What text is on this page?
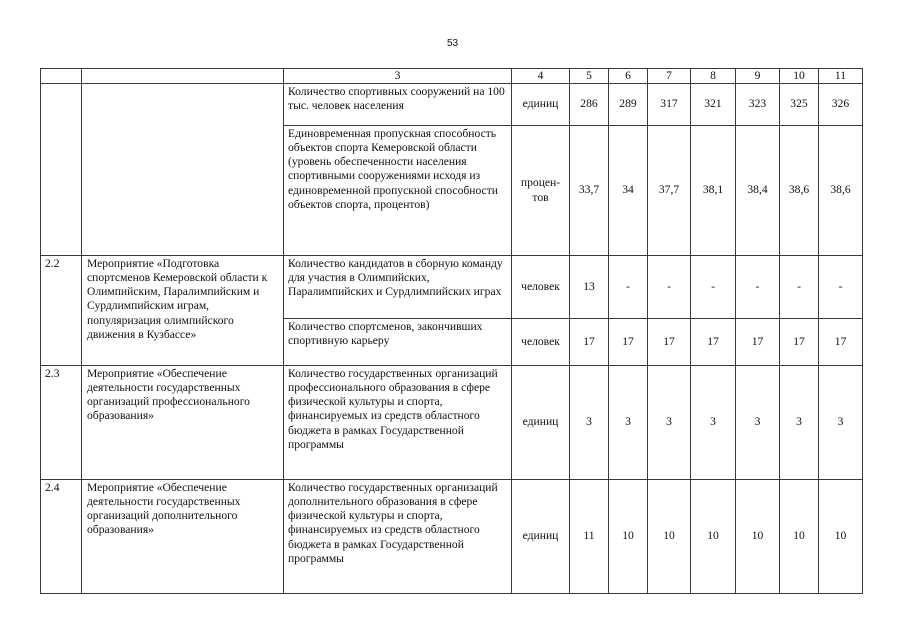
53
		3	4	5	6	7	8	9	10	11
		Количество спортивных сооружений на 100 тыс. человек населения	единиц	286	289	317	321	323	325	326
		Единовременная пропускная способность объектов спорта Кемеровской области (уровень обеспеченности населения спортивными сооружениями исходя из единовременной пропускной способности объектов спорта, процентов)	процен-тов	33,7	34	37,7	38,1	38,4	38,6	38,6
2.2	Мероприятие «Подготовка спортсменов Кемеровской области к Олимпийским, Паралимпийским и Сурдлимпийским играм, популяризация олимпийского движения в Кузбассе»	Количество кандидатов в сборную команду для участия в Олимпийских, Паралимпийских и Сурдлимпийских играх	человек	13	-	-	-	-	-	-
		Количество спортсменов, закончивших спортивную карьеру	человек	17	17	17	17	17	17	17
2.3	Мероприятие «Обеспечение деятельности государственных организаций профессионального образования»	Количество государственных организаций профессионального образования в сфере физической культуры и спорта, финансируемых из средств областного бюджета в рамках Государственной программы	единиц	3	3	3	3	3	3	3
2.4	Мероприятие «Обеспечение деятельности государственных организаций дополнительного образования»	Количество государственных организаций дополнительного образования в сфере физической культуры и спорта, финансируемых из средств областного бюджета в рамках Государственной программы	единиц	11	10	10	10	10	10	10
